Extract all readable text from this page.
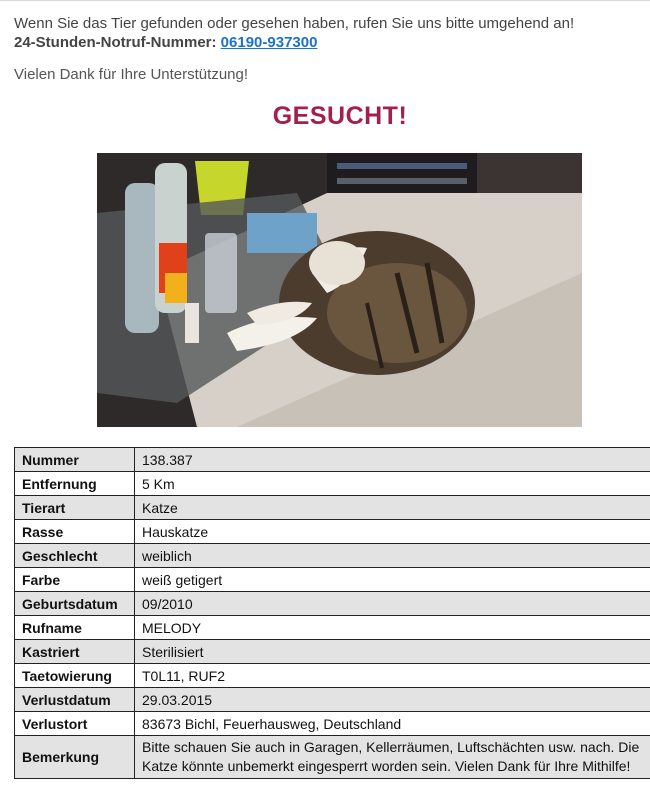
Wenn Sie das Tier gefunden oder gesehen haben, rufen Sie uns bitte umgehend an!
24-Stunden-Notruf-Nummer: 06190-937300
Vielen Dank für Ihre Unterstützung!
GESUCHT!
Nummer	138.387
Entfernung	5 Km
Tierart	Katze
Rasse	Hauskatze
Geschlecht	weiblich
Farbe	weiß getigert
Geburtsdatum	09/2010
Rufname	MELODY
Kastriert	Sterilisiert
Taetowierung	T0L11, RUF2
Verlustdatum	29.03.2015
Verlustort	83673 Bichl, Feuerhausweg, Deutschland
Bemerkung	Bitte schauen Sie auch in Garagen, Kellerräumen, Luftschächten usw. nach. Die Katze könnte unbemerkt eingesperrt worden sein. Vielen Dank für Ihre Mithilfe!
